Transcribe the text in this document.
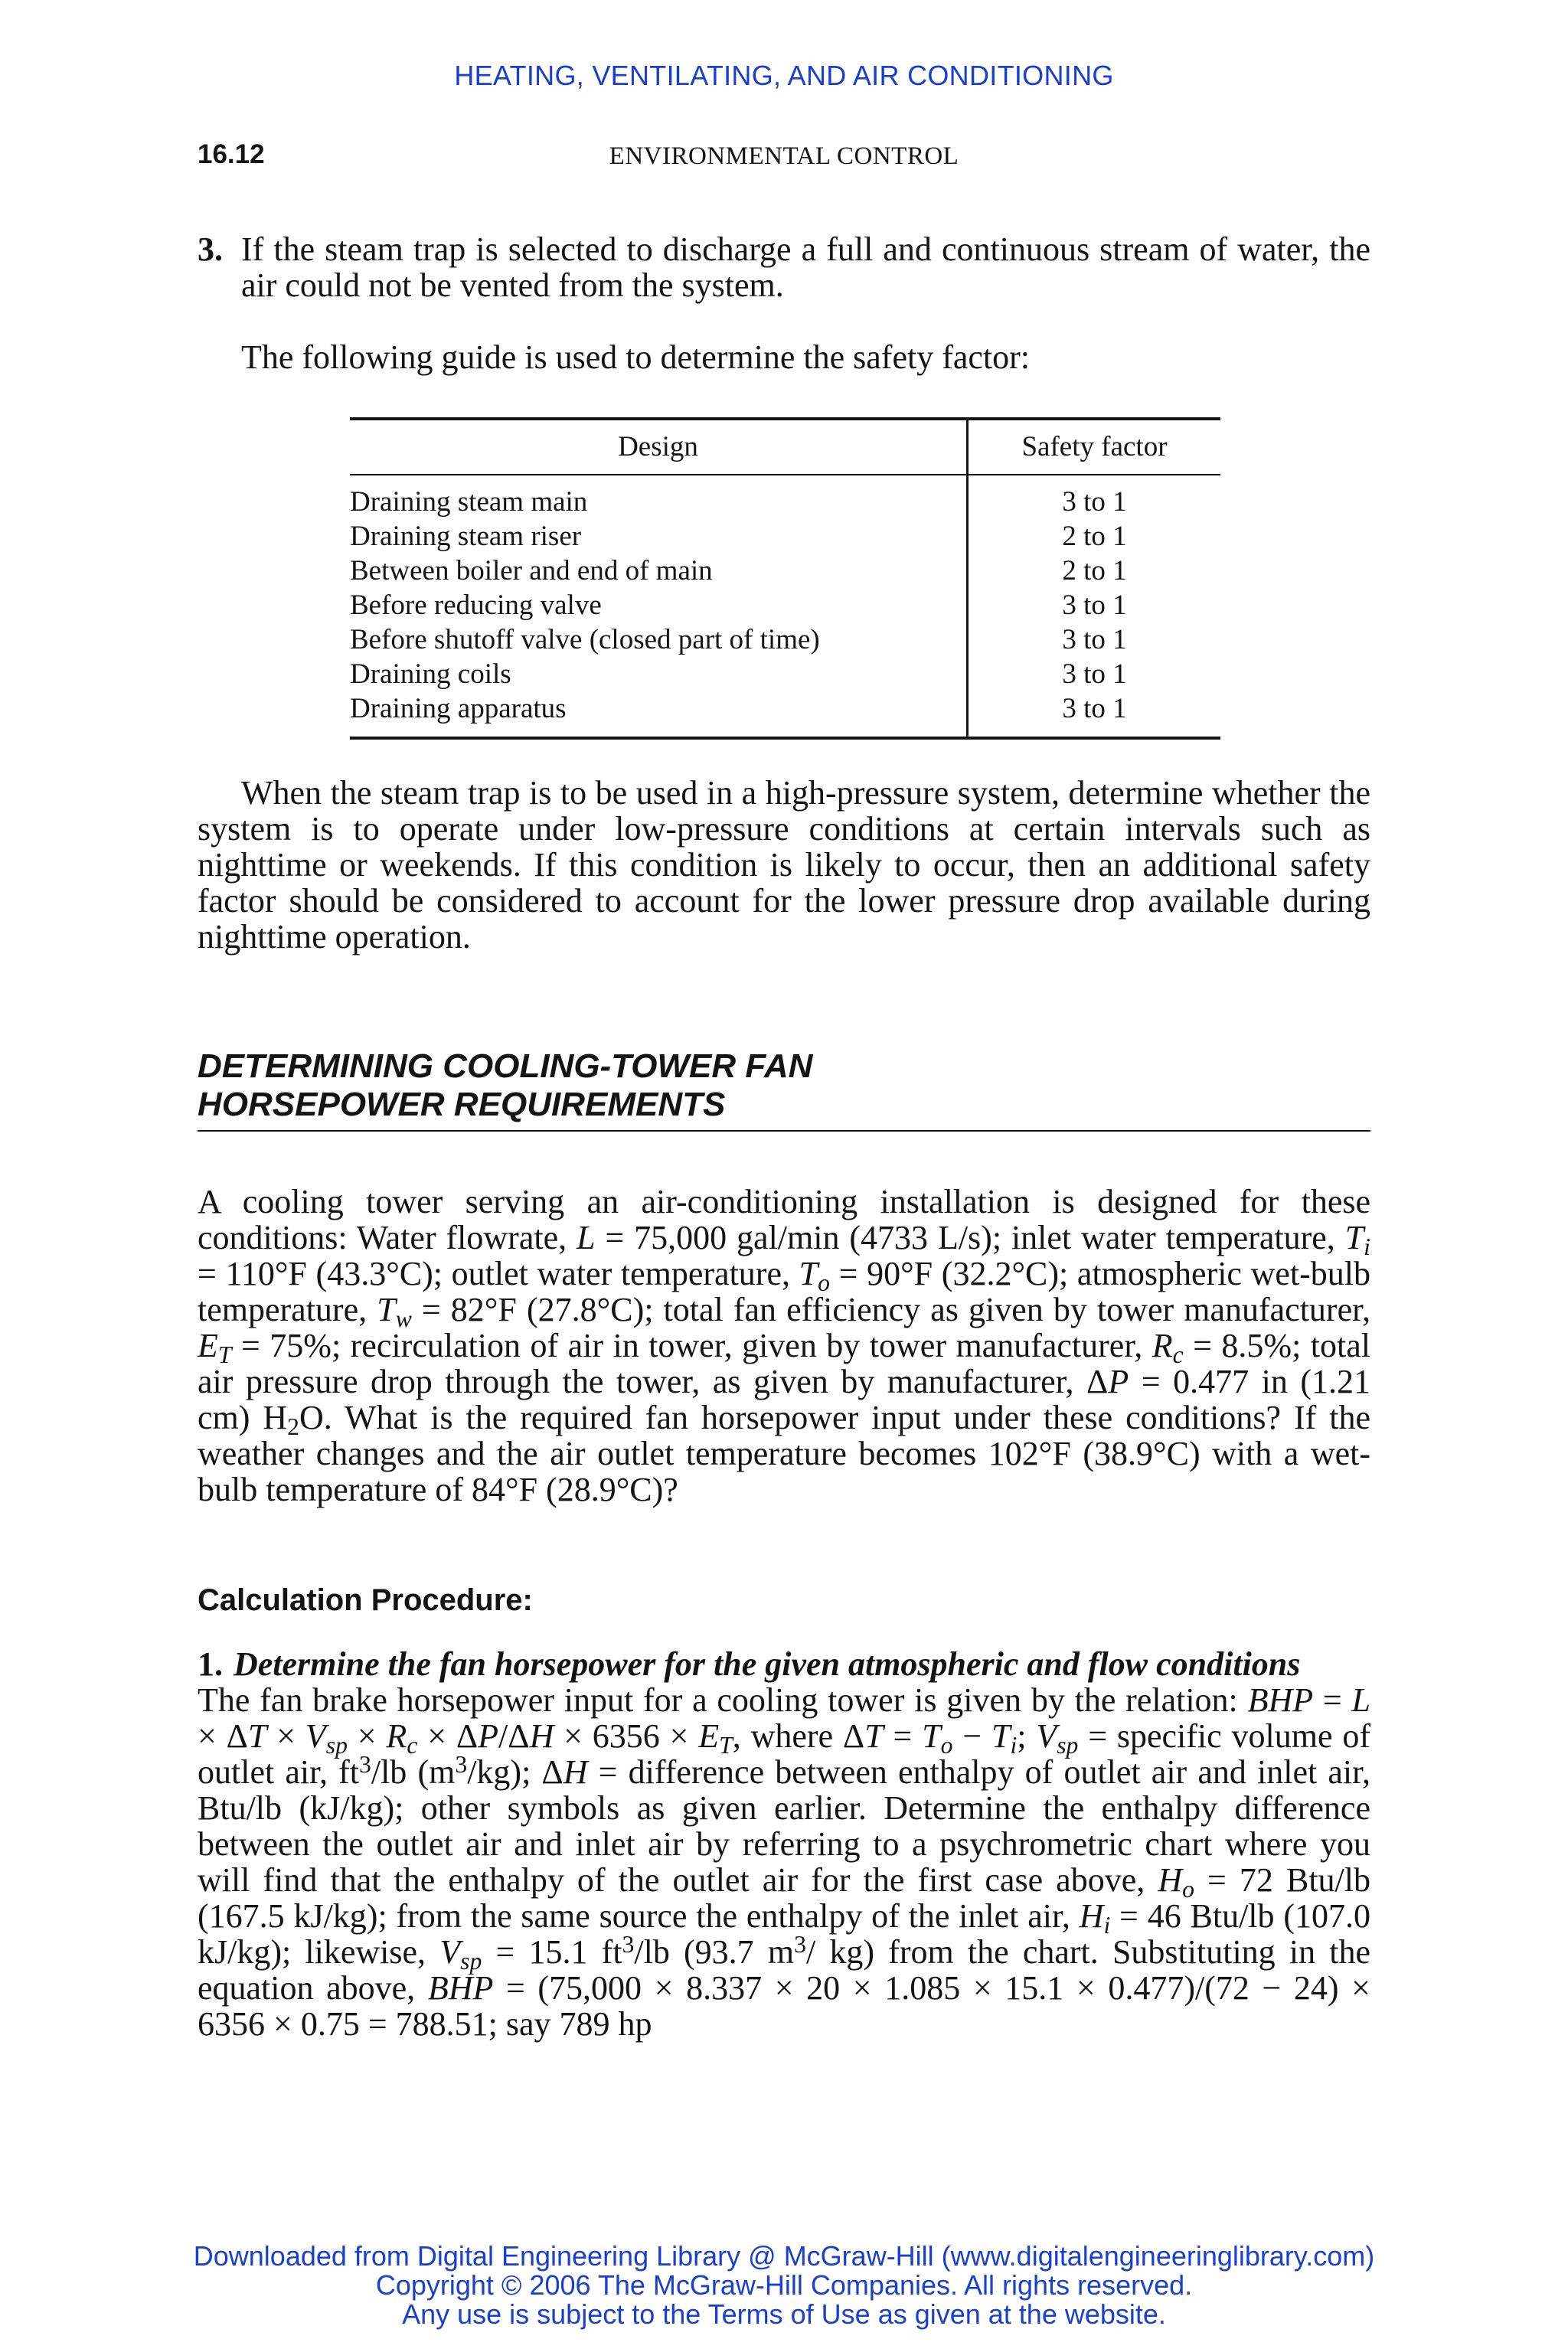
HEATING, VENTILATING, AND AIR CONDITIONING
16.12	ENVIRONMENTAL CONTROL
3. If the steam trap is selected to discharge a full and continuous stream of water, the air could not be vented from the system.
The following guide is used to determine the safety factor:
Design	Safety factor
Draining steam main
Draining steam riser
Between boiler and end of main
Before reducing valve
Before shutoff valve (closed part of time)
Draining coils
Draining apparatus
3 to 1
2 to 1
2 to 1
3 to 1
3 to 1
3 to 1
3 to 1

When the steam trap is to be used in a high-pressure system, determine whether the system is to operate under low-pressure conditions at certain intervals such as nighttime or weekends. If this condition is likely to occur, then an additional safety factor should be considered to account for the lower pressure drop available during nighttime operation.

DETERMINING COOLING-TOWER FAN
HORSEPOWER REQUIREMENTS

A cooling tower serving an air-conditioning installation is designed for these conditions: Water flowrate, L = 75,000 gal/min (4733 L/s); inlet water temperature, $T_i = 110^\circ F$ (43.3°C); outlet water temperature, $T_o = 90^\circ F$ (32.2°C); atmospheric wet-bulb temperature, $T_w = 82^\circ F$ (27.8°C); total fan efficiency as given by tower manufacturer, $E_T = 75\%$; recirculation of air in tower, given by tower manufacturer, $R_c = 8.5\%$; total air pressure drop through the tower, as given by manufacturer, ΔP = 0.477 in (1.21 cm) $H_2O$. What is the required fan horsepower input under these conditions? If the weather changes and the air outlet temperature becomes 102°F (38.9°C) with a wet-bulb temperature of 84°F (28.9°C)?

Calculation Procedure:
1. Determine the fan horsepower for the given atmospheric and flow conditions

The fan brake horsepower input for a cooling tower is given by the relation: BHP = $L \times \Delta T \times V_{sp} \times R_c \times \Delta P/\Delta H \times 6356 \times E_T$, where $\Delta T = T_o - T_i$; $V_{sp}$ = specific volume of outlet air, $ft^3/lb$ $(m^3/kg)$; ΔH = difference between enthalpy of outlet air and inlet air, Btu/lb (kJ/kg); other symbols as given earlier. Determine the enthalpy difference between the outlet air and inlet air by referring to a psychrometric chart where you will find that the enthalpy of the outlet air for the first case above, $H_o = 72$ Btu/lb (167.5 kJ/kg); from the same source the enthalpy of the inlet air, $H_i = 46$ Btu/lb (107.0 kJ/kg); likewise, $V_{sp} = 15.1$ $ft^3/lb$ (93.7 $m^3/$ kg) from the chart. Substituting in the equation above, BHP = (75,000 × 8.337 × 20 × 1.085 × 15.1 × 0.477)/(72 − 24) × 6356 × 0.75 = 788.51; say 789 hp

Downloaded from Digital Engineering Library @ McGraw-Hill (www.digitalengineeringlibrary.com)
Copyright © 2006 The McGraw-Hill Companies. All rights reserved.
Any use is subject to the Terms of Use as given at the website.
